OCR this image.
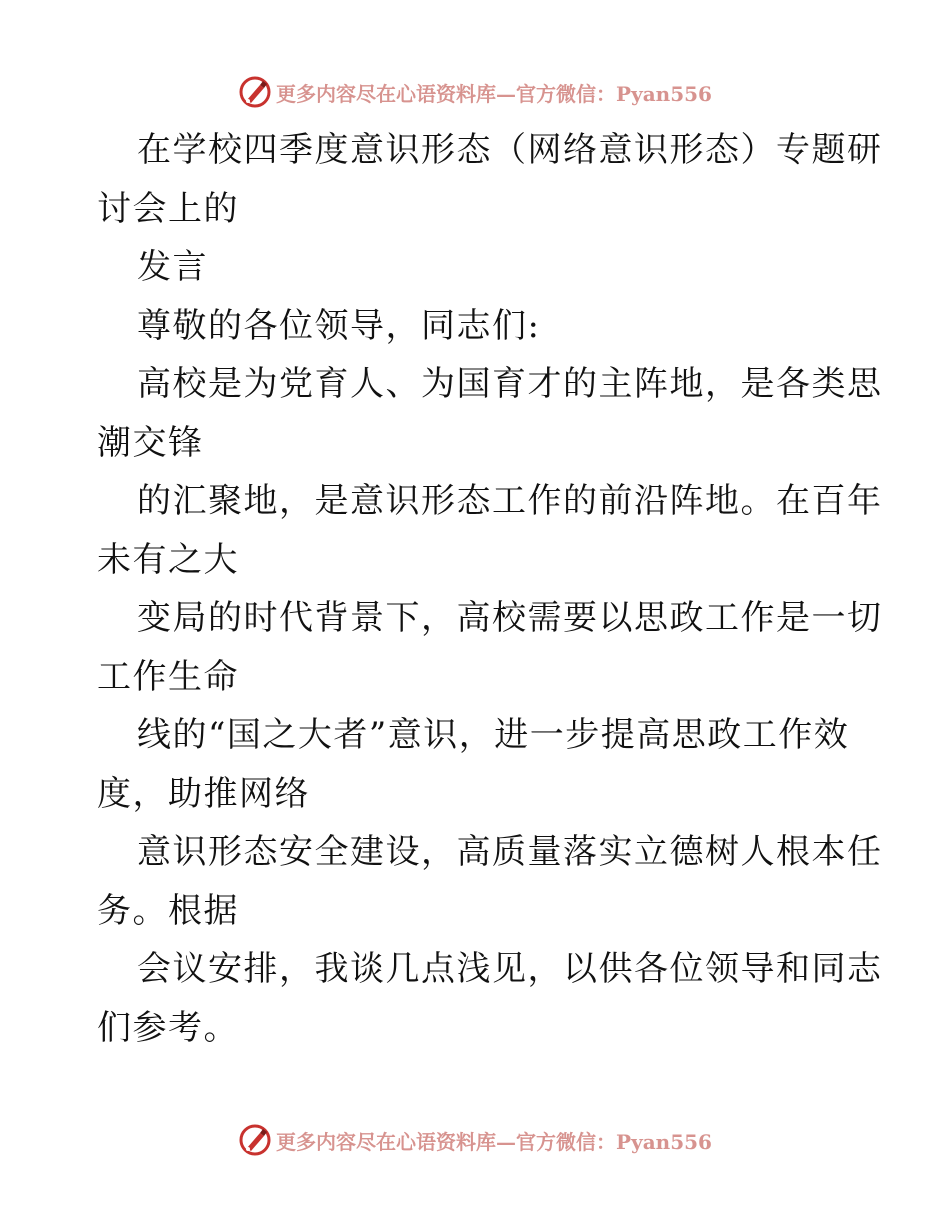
更多内容尽在心语资料库—官方微信：Pyan556
在学校四季度意识形态（网络意识形态）专题研
讨会上的
发言
尊敬的各位领导，同志们:
高校是为党育人、为国育才的主阵地，是各类思
潮交锋
的汇聚地，是意识形态工作的前沿阵地。在百年
未有之大
变局的时代背景下，高校需要以思政工作是一切
工作生命
线的“国之大者”意识，进一步提高思政工作效
度，助推网络
意识形态安全建设，高质量落实立德树人根本任
务。根据
会议安排，我谈几点浅见，以供各位领导和同志
们参考。
更多内容尽在心语资料库—官方微信：Pyan556
